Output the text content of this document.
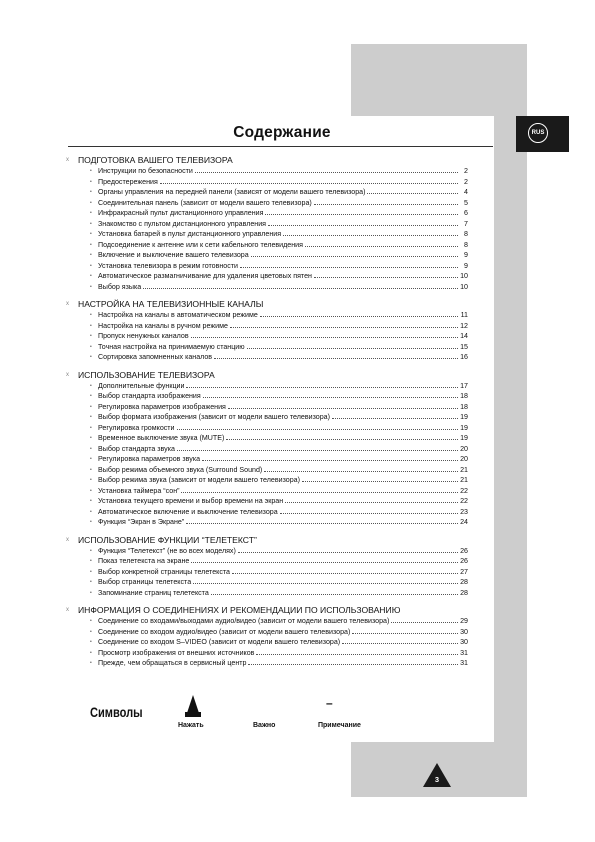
RUS
Содержание
x	ПОДГОТОВКА ВАШЕГО ТЕЛЕВИЗОРА
• Инструкции по безопасности	2
• Предостережения	2
• Органы управления на передней панели (зависят от модели вашего телевизора)	4
• Соединительная панель (зависит от модели вашего телевизора)	5
• Инфракрасный пульт дистанционного управления	6
• Знакомство с пультом дистанционного управления	7
• Установка батарей в пульт дистанционного управления	8
• Подсоединение к антенне или к сети кабельного телевидения	8
• Включение и выключение вашего телевизора	9
• Установка телевизора в режим готовности	9
• Автоматическое размагничивание для удаления цветовых пятен	10
• Выбор языка	10
x	НАСТРОЙКА НА ТЕЛЕВИЗИОННЫЕ КАНАЛЫ
• Настройка на каналы в автоматическом режиме	11
• Настройка на каналы в ручном режиме	12
• Пропуск ненужных каналов	14
• Точная настройка на принимаемую станцию	15
• Сортировка запомненных каналов	16
x	ИСПОЛЬЗОВАНИЕ ТЕЛЕВИЗОРА
• Дополнительные функции	17
• Выбор стандарта изображения	18
• Регулировка параметров изображения	18
• Выбор формата изображения (зависит от модели вашего телевизора)	19
• Регулировка громкости	19
• Временное выключение звука (MUTE)	19
• Выбор стандарта звука	20
• Регулировка параметров звука	20
• Выбор режима объемного звука (Surround Sound)	21
• Выбор режима звука (зависит от модели вашего телевизора)	21
• Установка таймера “сон”	22
• Установка текущего времени и выбор времени на экран	22
• Автоматическое включение и выключение телевизора	23
• Функция “Экран в Экране”	24
x	ИСПОЛЬЗОВАНИЕ ФУНКЦИИ “ТЕЛЕТЕКСТ”
• Функция “Телетекст” (не во всех моделях)	26
• Показ телетекста на экране	26
• Выбор конкретной страницы телетекста	27
• Выбор страницы телетекста	28
• Запоминание страниц телетекста	28
x	ИНФОРМАЦИЯ О СОЕДИНЕНИЯХ И РЕКОМЕНДАЦИИ ПО ИСПОЛЬЗОВАНИЮ
• Соединение со входами/выходами аудио/видео (зависит от модели вашего телевизора)	29
• Соединение со входом аудио/видео (зависит от модели вашего телевизора)	30
• Соединение со входом S–VIDEO (зависит от модели вашего телевизора)	30
• Просмотр изображения от внешних источников	31
• Прежде, чем обращаться в сервисный центр	31
Символы
Нажать	Важно
–
Примечание
3
